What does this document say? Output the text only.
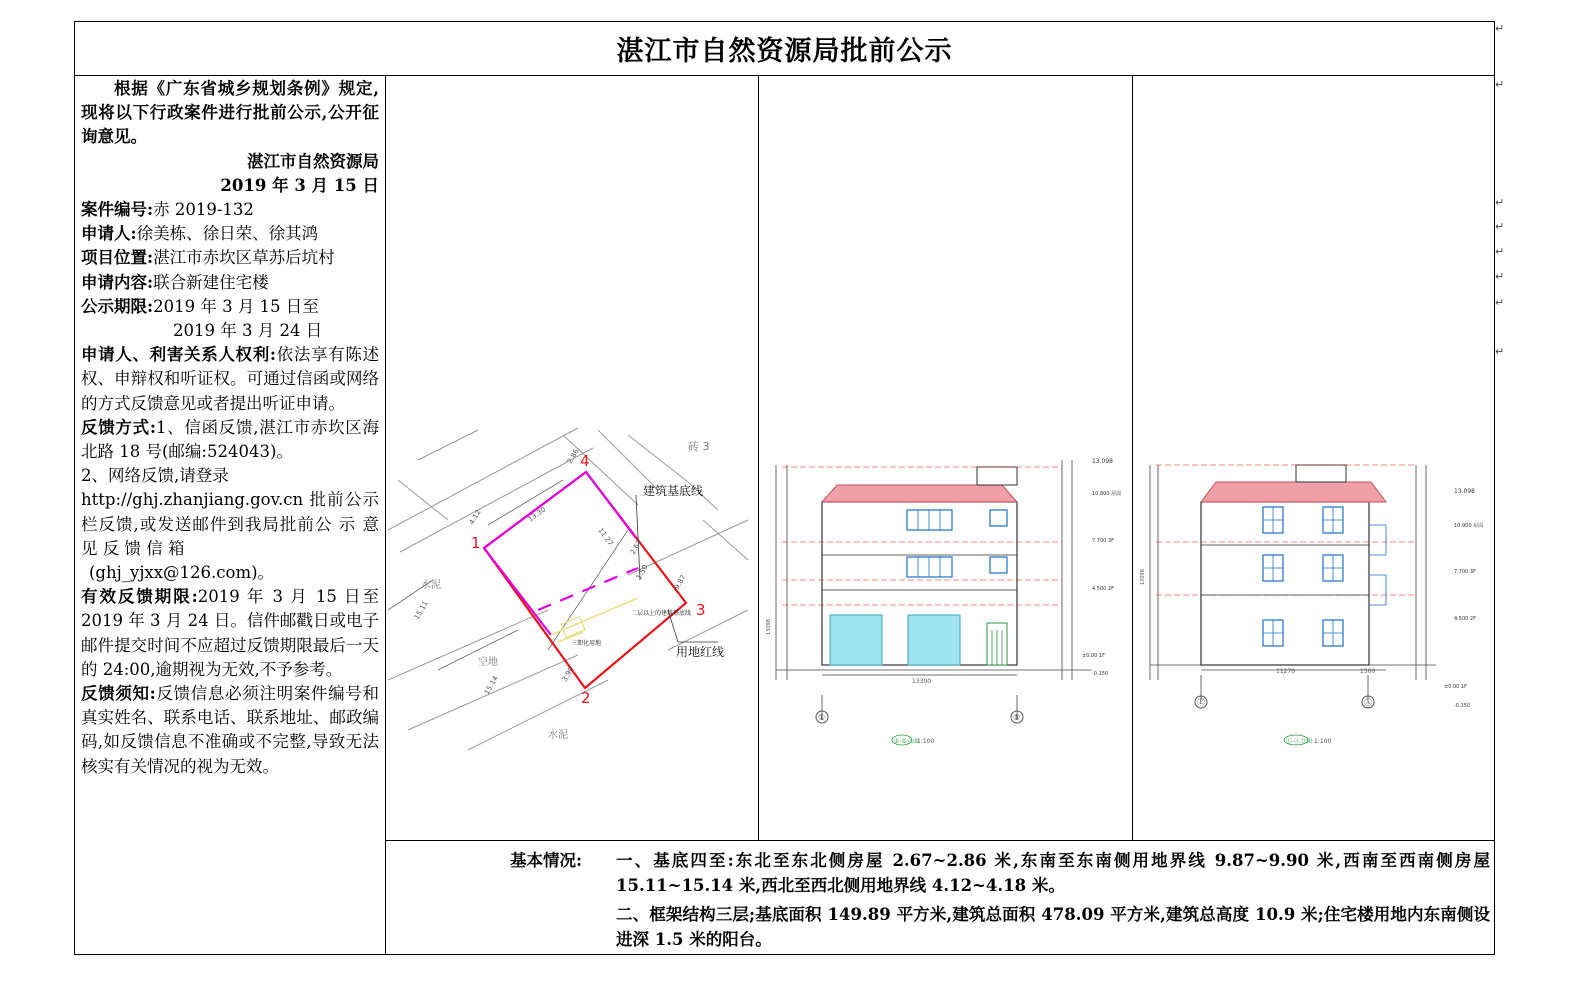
湛江市自然资源局批前公示

根据《广东省城乡规划条例》规定,现将以下行政案件进行批前公示,公开征询意见。

湛江市自然资源局

2019 年 3 月 15 日

案件编号:赤 2019-132

申请人:徐美栋、徐日荣、徐其鸿

项目位置:湛江市赤坎区草苏后坑村

申请内容:联合新建住宅楼

公示期限:2019 年 3 月 15 日至

2019 年 3 月 24 日

申请人、利害关系人权利:依法享有陈述权、申辩权和听证权。可通过信函或网络的方式反馈意见或者提出听证申请。

反馈方式:1、信函反馈,湛江市赤坎区海北路 18 号(邮编:524043)。

2、网络反馈,请登录

http://ghj.zhanjiang.gov.cn 批前公示栏反馈,或发送邮件到我局批前公 示 意 见 反 馈 信 箱

(ghj_yjxx@126.com)。

有效反馈期限:2019 年 3 月 15 日至 2019 年 3 月 24 日。信件邮戳日或电子邮件提交时间不应超过反馈期限最后一天的 24:00,逾期视为无效,不予参考。

反馈须知:反馈信息必须注明案件编号和真实姓名、联系电话、联系地址、邮政编码,如反馈信息不准确或不完整,导致无法核实有关情况的视为无效。

建筑基底线
用地红线
二层以上的建筑基底线
三期化用地
水泥
水泥
空地
砖 3
1
2
3
4
4.12	13.30
11.27 2.67
9.87
15.11
15.14
1.50
3.90
2.86
①	⑤
13300
13.098
10.800 屋面
7.700 3F
4.500 2F
±0.00 1F
-0.150
13098
①-⑤立面
1:100
Ⓔ	Ⓐ
11270	1500
13.098
10.900 屋面
7.700 3F
4.500 2F
±0.00 1F
-0.150
13098
Ⓔ-Ⓐ立面 1:100
基本情况: 一、基底四至:东北至东北侧房屋 2.67~2.86 米,东南至东南侧用地界线 9.87~9.90 米,西南至西南侧房屋 15.11~15.14 米,西北至西北侧用地界线 4.12~4.18 米。

二、框架结构三层;基底面积 149.89 平方米,建筑总面积 478.09 平方米,建筑总高度 10.9 米;住宅楼用地内东南侧设进深 1.5 米的阳台。

↵
↵
↵
↵
↵
↵
↵
↵
